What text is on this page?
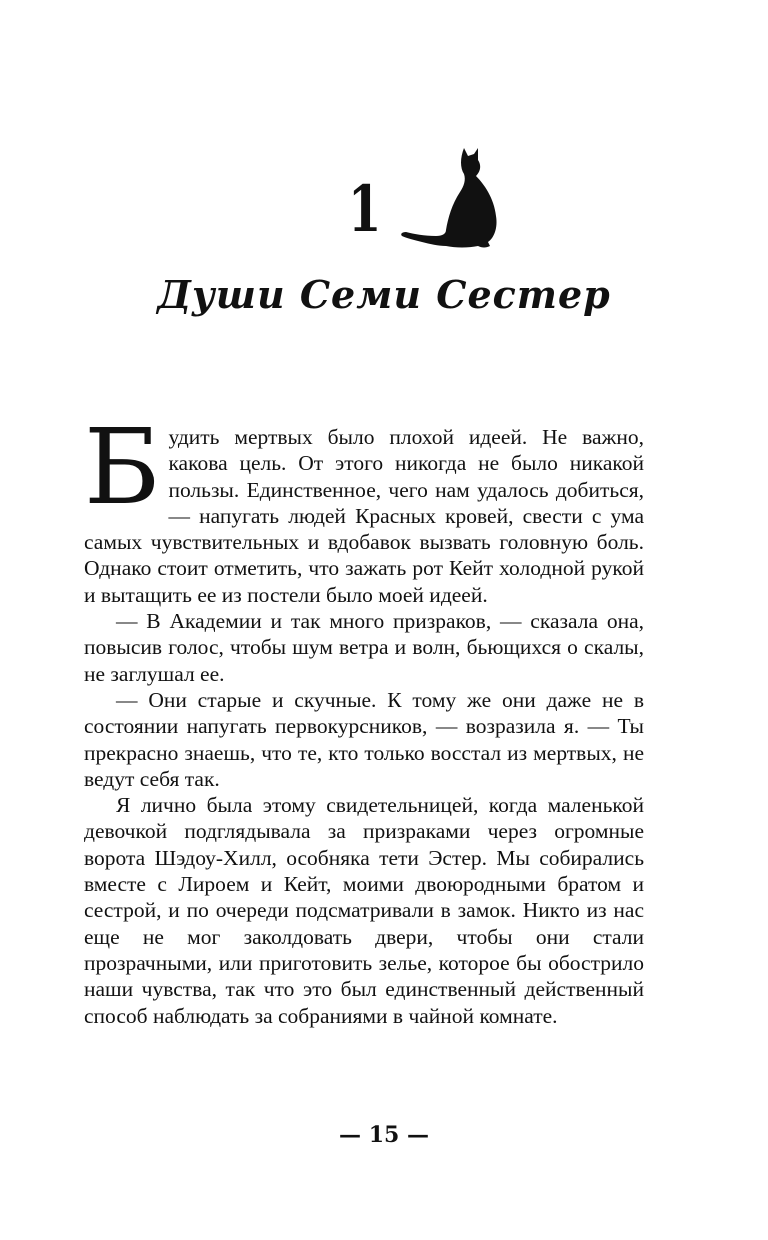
1
Души Семи Сестер

Будить мертвых было плохой идеей. Не важно, какова цель. От этого никогда не было никакой пользы. Единственное, чего нам удалось добиться, — напугать людей Красных кровей, свести с ума самых чувствительных и вдобавок вызвать головную боль. Однако стоит отметить, что зажать рот Кейт холодной рукой и вытащить ее из постели было моей идеей.

— В Академии и так много призраков, — сказала она, повысив голос, чтобы шум ветра и волн, бьющихся о скалы, не заглушал ее.

— Они старые и скучные. К тому же они даже не в состоянии напугать первокурсников, — возразила я. — Ты прекрасно знаешь, что те, кто только восстал из мертвых, не ведут себя так.

Я лично была этому свидетельницей, когда маленькой девочкой подглядывала за призраками через огромные ворота Шэдоу-Хилл, особняка тети Эстер. Мы собирались вместе с Лироем и Кейт, моими двоюродными братом и сестрой, и по очереди подсматривали в замок. Никто из нас еще не мог заколдовать двери, чтобы они стали прозрачными, или приготовить зелье, которое бы обострило наши чувства, так что это был единственный действенный способ наблюдать за собраниями в чайной комнате.

— 15 —
